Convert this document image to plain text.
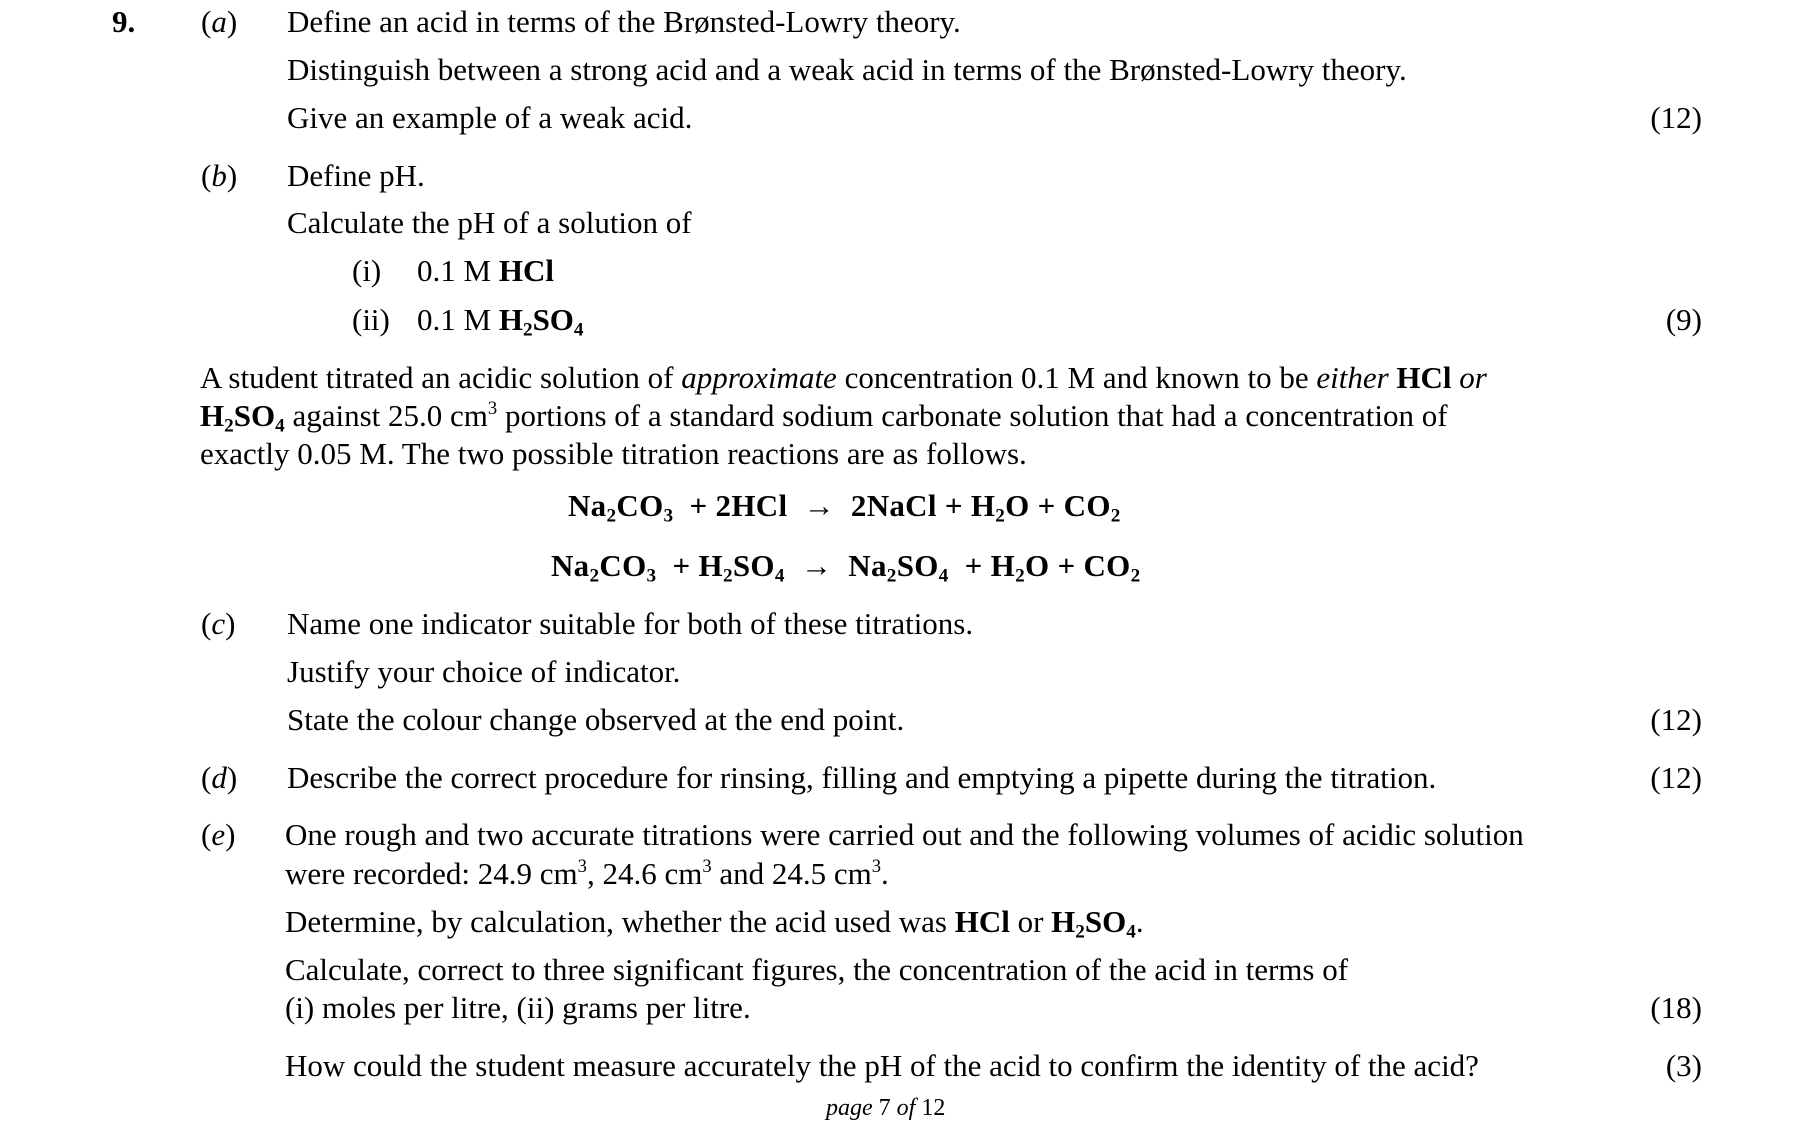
9. (a) Define an acid in terms of the Brønsted-Lowry theory.
Distinguish between a strong acid and a weak acid in terms of the Brønsted-Lowry theory.
Give an example of a weak acid.	(12)
(b) Define pH.
Calculate the pH of a solution of
(i) 0.1 M HCl
(ii) 0.1 M $H_2SO_4$	(9)
A student titrated an acidic solution of approximate concentration 0.1 M and known to be either HCl or
$H_2SO_4$ against 25.0 $cm^3$ portions of a standard sodium carbonate solution that had a concentration of
exactly 0.05 M. The two possible titration reactions are as follows.
$Na_2CO_3 + 2HCl$ → 2NaCl + $H_2O + CO_2$
$Na_2CO_3 + H_2SO_4 \to Na_2SO_4 + H_2O + CO_2$
(c) Name one indicator suitable for both of these titrations.
Justify your choice of indicator.
State the colour change observed at the end point.	(12)
(d) Describe the correct procedure for rinsing, filling and emptying a pipette during the titration.	(12)
(e) One rough and two accurate titrations were carried out and the following volumes of acidic solution
were recorded: 24.9 $cm^3$, 24.6 $cm^3$ and 24.5 $cm^3$.
Determine, by calculation, whether the acid used was HCl or $H_2SO_4$.
Calculate, correct to three significant figures, the concentration of the acid in terms of
(i) moles per litre, (ii) grams per litre.	(18)
How could the student measure accurately the pH of the acid to confirm the identity of the acid?	(3)
page 7 of 12
